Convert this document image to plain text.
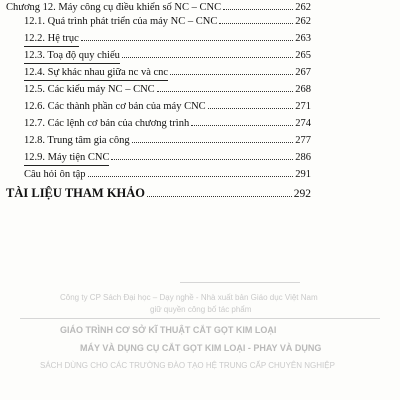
Chương 12. Máy công cụ điều khiển số NC – CNC	262
12.1. Quá trình phát triển của máy NC – CNC	262
12.2. Hệ trục	263
12.3. Toạ độ quy chiếu	265
12.4. Sự khác nhau giữa nc và cnc	267
12.5. Các kiểu máy NC – CNC	268
12.6. Các thành phần cơ bản của máy CNC	271
12.7. Các lệnh cơ bản của chương trình	274
12.8. Trung tâm gia công	277
12.9. Máy tiện CNC	286
Câu hỏi ôn tập	291
TÀI LIỆU THAM KHẢO	292
Công ty CP Sách Đại học – Dạy nghề - Nhà xuất bản Giáo dục Việt Nam
giữ quyền công bố tác phẩm
GIÁO TRÌNH CƠ SỞ KĨ THUẬT CẮT GỌT KIM LOẠI
MÁY VÀ DỤNG CỤ CẮT GỌT KIM LOẠI - PHAY VÀ DỤNG
SÁCH DÙNG CHO CÁC TRƯỜNG ĐÀO TẠO HỆ TRUNG CẤP CHUYÊN NGHIỆP
